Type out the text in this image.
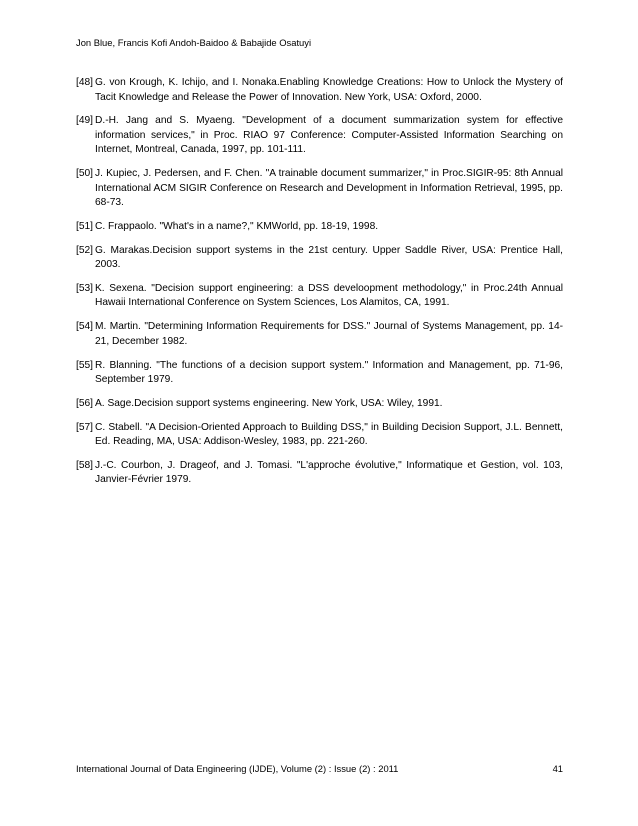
Jon Blue, Francis Kofi Andoh-Baidoo & Babajide Osatuyi
[48] G. von Krough, K. Ichijo, and I. Nonaka.Enabling Knowledge Creations: How to Unlock the Mystery of Tacit Knowledge and Release the Power of Innovation. New York, USA: Oxford, 2000.
[49] D.-H. Jang and S. Myaeng. "Development of a document summarization system for effective information services," in Proc. RIAO 97 Conference: Computer-Assisted Information Searching on Internet, Montreal, Canada, 1997, pp. 101-111.
[50] J. Kupiec, J. Pedersen, and F. Chen. "A trainable document summarizer," in Proc.SIGIR-95: 8th Annual International ACM SIGIR Conference on Research and Development in Information Retrieval, 1995, pp. 68-73.
[51] C. Frappaolo. "What's in a name?," KMWorld, pp. 18-19, 1998.
[52] G. Marakas.Decision support systems in the 21st century. Upper Saddle River, USA: Prentice Hall, 2003.
[53] K. Sexena. "Decision support engineering: a DSS develoopment methodology," in Proc.24th Annual Hawaii International Conference on System Sciences, Los Alamitos, CA, 1991.
[54] M. Martin. "Determining Information Requirements for DSS." Journal of Systems Management, pp. 14-21, December 1982.
[55] R. Blanning. "The functions of a decision support system." Information and Management, pp. 71-96, September 1979.
[56] A. Sage.Decision support systems engineering. New York, USA: Wiley, 1991.
[57] C. Stabell. "A Decision-Oriented Approach to Building DSS," in Building Decision Support, J.L. Bennett, Ed. Reading, MA, USA: Addison-Wesley, 1983, pp. 221-260.
[58] J.-C. Courbon, J. Drageof, and J. Tomasi. "L'approche évolutive," Informatique et Gestion, vol. 103, Janvier-Février 1979.
International Journal of Data Engineering (IJDE), Volume (2) : Issue (2) : 2011	41
